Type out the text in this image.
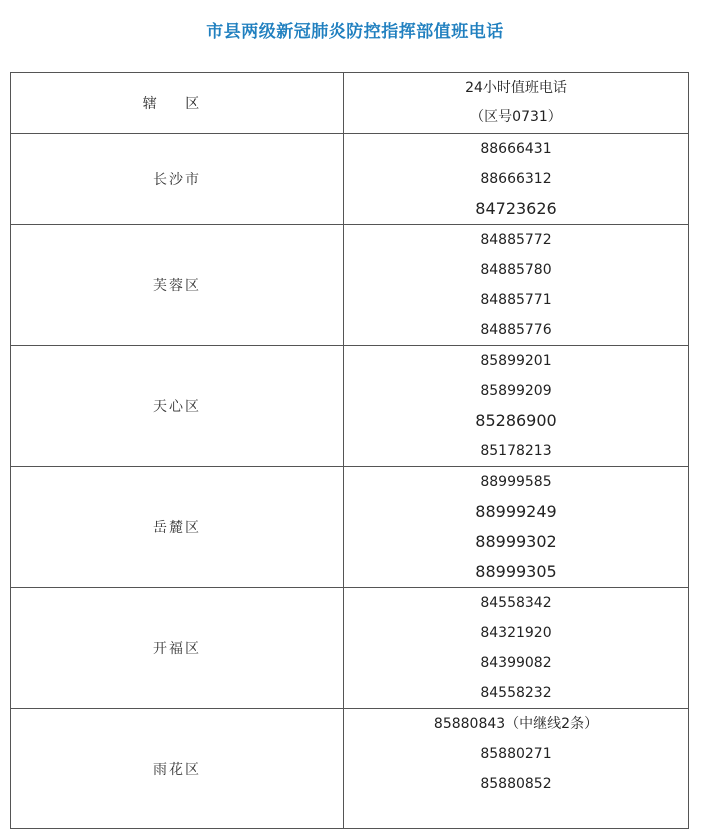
市县两级新冠肺炎防控指挥部值班电话
辖 区	24小时值班电话
（区号0731）

长沙市	88666431
88666312
84723626

芙蓉区	84885772
84885780
84885771
84885776

天心区	85899201
85899209
85286900
85178213

岳麓区	88999585
88999249
88999302
88999305

开福区	84558342
84321920
84399082
84558232

雨花区	85880843（中继线2条）
85880271
85880852
